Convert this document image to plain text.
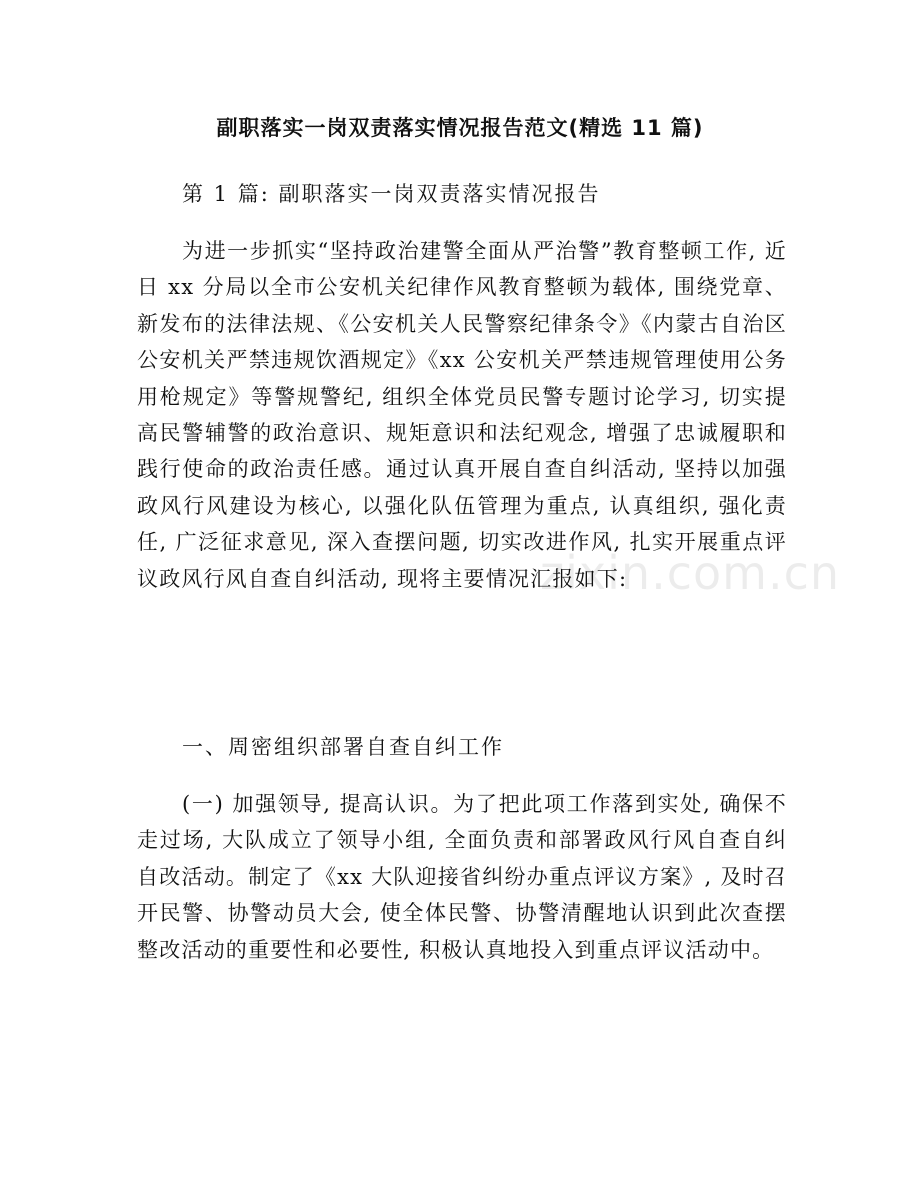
副职落实一岗双责落实情况报告范文(精选 11 篇)

第 1 篇: 副职落实一岗双责落实情况报告

为进一步抓实“坚持政治建警全面从严治警”教育整顿工作, 近日 xx 分局以全市公安机关纪律作风教育整顿为载体, 围绕党章、新发布的法律法规、《公安机关人民警察纪律条令》《内蒙古自治区公安机关严禁违规饮酒规定》《xx 公安机关严禁违规管理使用公务用枪规定》等警规警纪, 组织全体党员民警专题讨论学习, 切实提高民警辅警的政治意识、规矩意识和法纪观念, 增强了忠诚履职和践行使命的政治责任感。通过认真开展自查自纠活动, 坚持以加强政风行风建设为核心, 以强化队伍管理为重点, 认真组织, 强化责任, 广泛征求意见, 深入查摆问题, 切实改进作风, 扎实开展重点评议政风行风自查自纠活动, 现将主要情况汇报如下:

一、周密组织部署自查自纠工作

(一) 加强领导, 提高认识。为了把此项工作落到实处, 确保不走过场, 大队成立了领导小组, 全面负责和部署政风行风自查自纠自改活动。制定了《xx 大队迎接省纠纷办重点评议方案》, 及时召开民警、协警动员大会, 使全体民警、协警清醒地认识到此次查摆整改活动的重要性和必要性, 积极认真地投入到重点评议活动中。

zixin.com.cn
